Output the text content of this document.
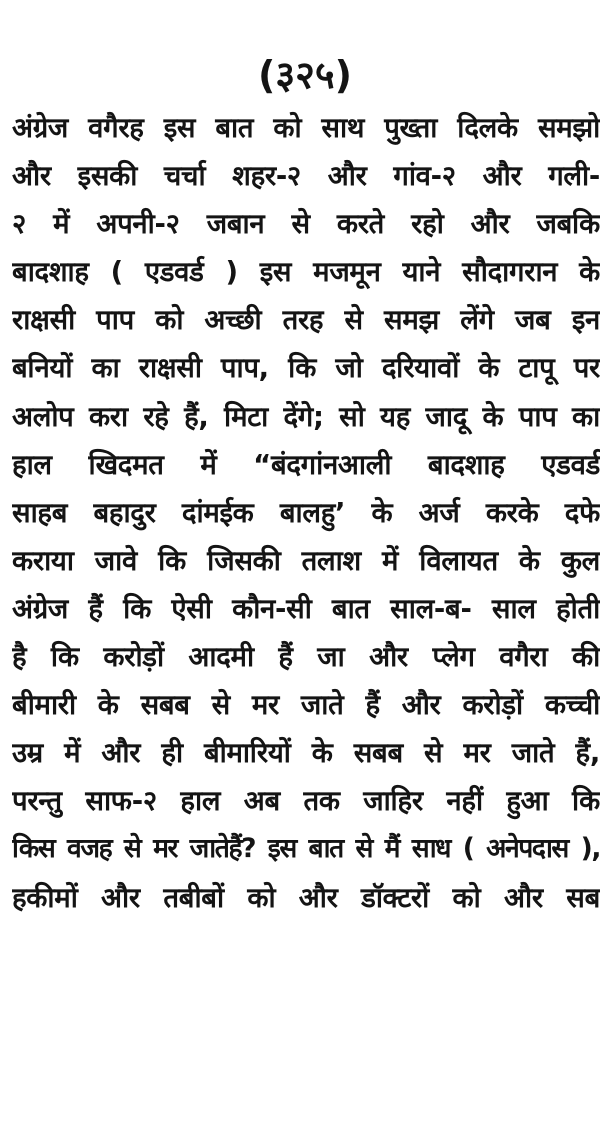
(३२५)
अंग्रेज वगैरह इस बात को साथ पुख्ता दिलके समझो
और इसकी चर्चा शहर-२ और गांव-२ और गली-
२ में अपनी-२ जबान से करते रहो और जबकि
बादशाह ( एडवर्ड ) इस मजमून याने सौदागरान के
राक्षसी पाप को अच्छी तरह से समझ लेंगे जब इन
बनियों का राक्षसी पाप, कि जो दरियावों के टापू पर
अलोप करा रहे हैं, मिटा देंगे; सो यह जादू के पाप का
हाल खिदमत में “बंदगांनआली बादशाह एडवर्ड
साहब बहादुर दांमईक बालहु’ के अर्ज करके दफे
कराया जावे कि जिसकी तलाश में विलायत के कुल
अंग्रेज हैं कि ऐसी कौन-सी बात साल-ब- साल होती
है कि करोड़ों आदमी हैं जा और प्लेग वगैरा की
बीमारी के सबब से मर जाते हैं और करोड़ों कच्ची
उम्र में और ही बीमारियों के सबब से मर जाते हैं,
परन्तु साफ-२ हाल अब तक जाहिर नहीं हुआ कि
किस वजह से मर जातेहैं? इस बात से मैं साध ( अनेपदास ),
हकीमों और तबीबों को और डॉक्टरों को और सब
